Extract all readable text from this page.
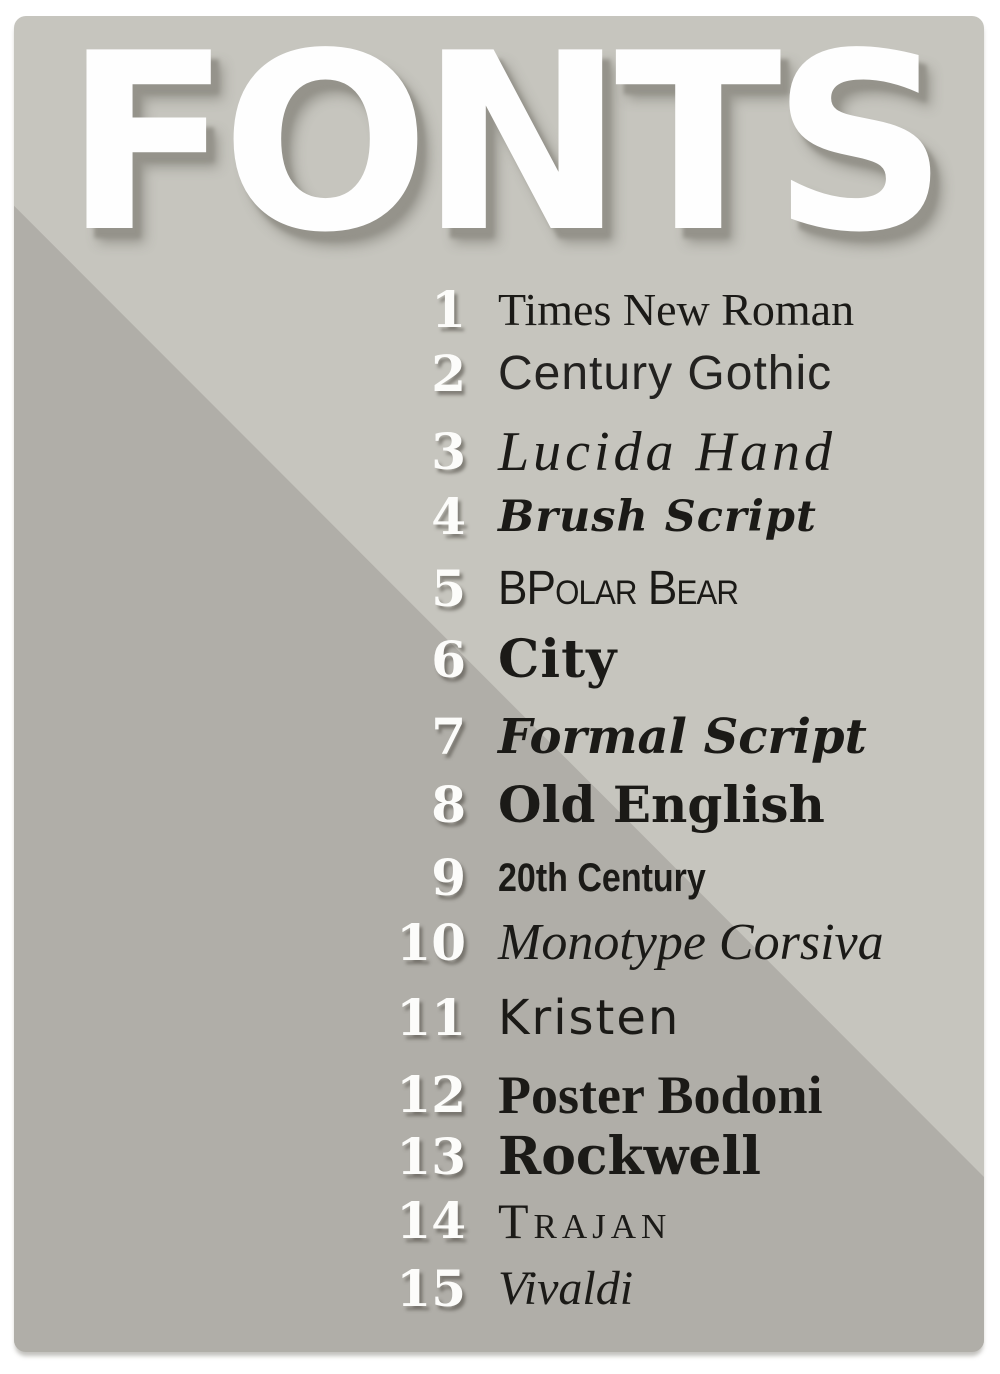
FONTS
1 Times New Roman
2 Century Gothic
3 Lucida Hand
4 Brush Script
5 BPolar Bear
6 City
7 Formal Script
8 Old English
9 20th Century
10 Monotype Corsiva
11 Kristen
12 Poster Bodoni
13 Rockwell
14 Trajan
15 Vivaldi
